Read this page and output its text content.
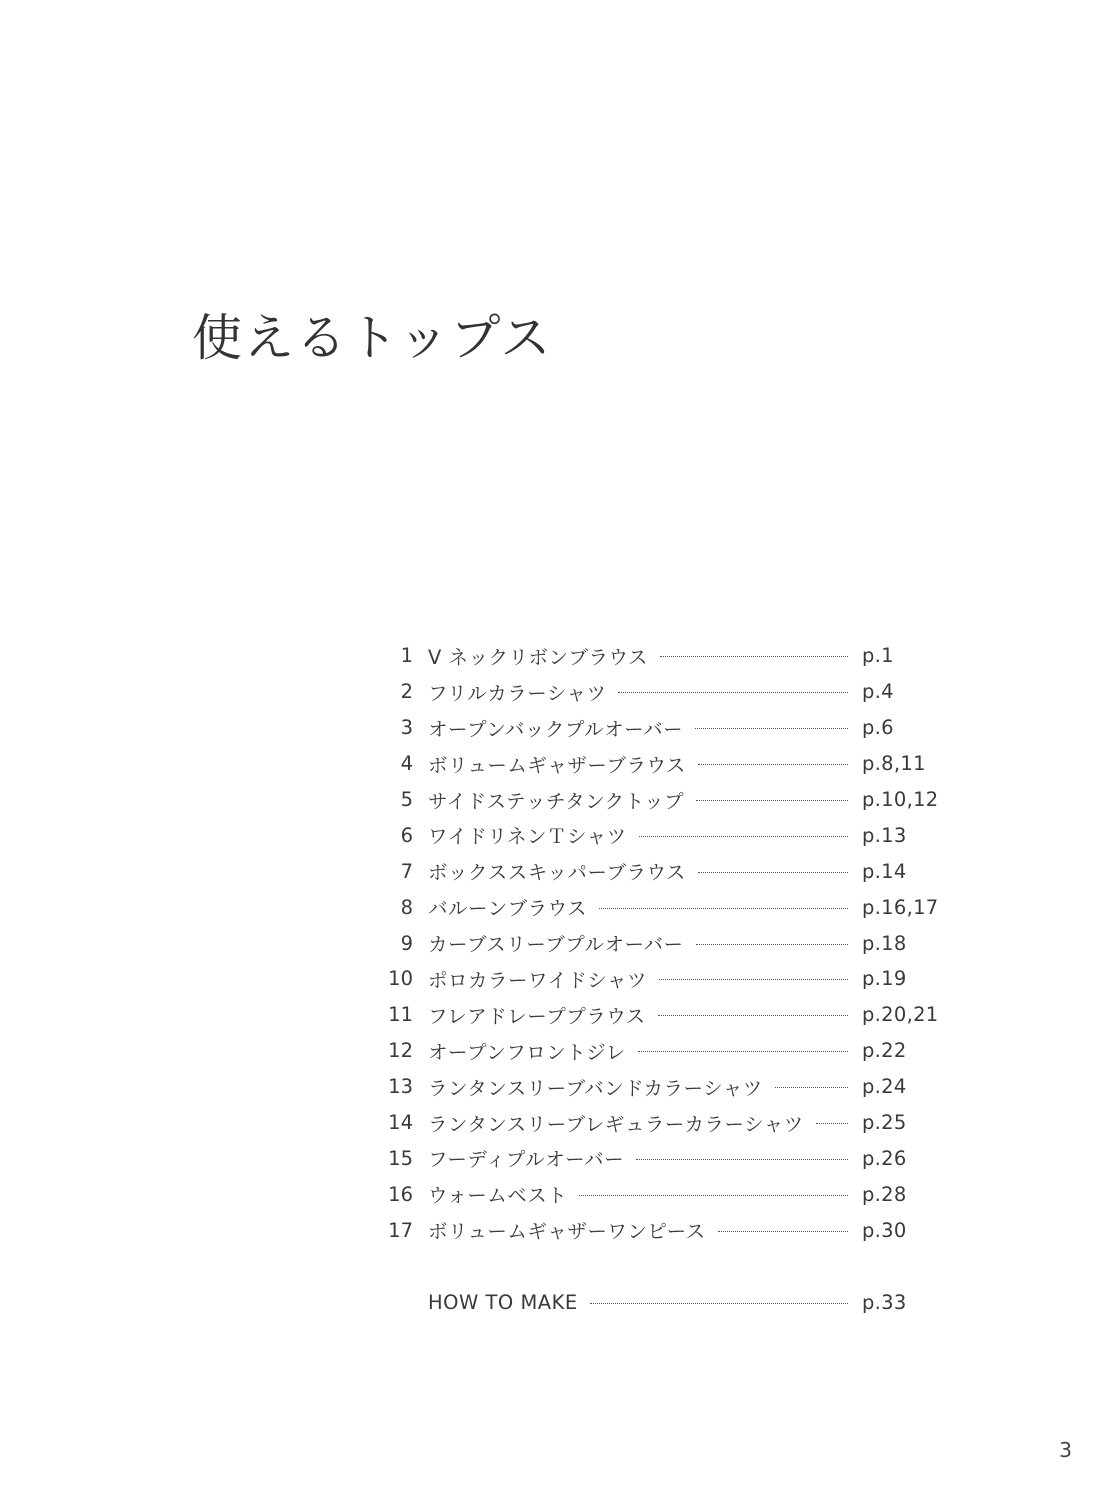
使えるトップス
1 V ネックリボンブラウス	p.1
2 フリルカラーシャツ	p.4
3 オープンバックプルオーバー	p.6
4 ボリュームギャザーブラウス	p.8,11
5 サイドステッチタンクトップ	p.10,12
6 ワイドリネンＴシャツ	p.13
7 ボックススキッパーブラウス	p.14
8 バルーンブラウス	p.16,17
9 カーブスリーブプルオーバー	p.18
10 ポロカラーワイドシャツ	p.19
11 フレアドレーププラウス	p.20,21
12 オープンフロントジレ	p.22
13 ランタンスリーブバンドカラーシャツ	p.24
14 ランタンスリーブレギュラーカラーシャツ	p.25
15 フーディプルオーバー	p.26
16 ウォームベスト	p.28
17 ボリュームギャザーワンピース	p.30
HOW TO MAKE	p.33
3
